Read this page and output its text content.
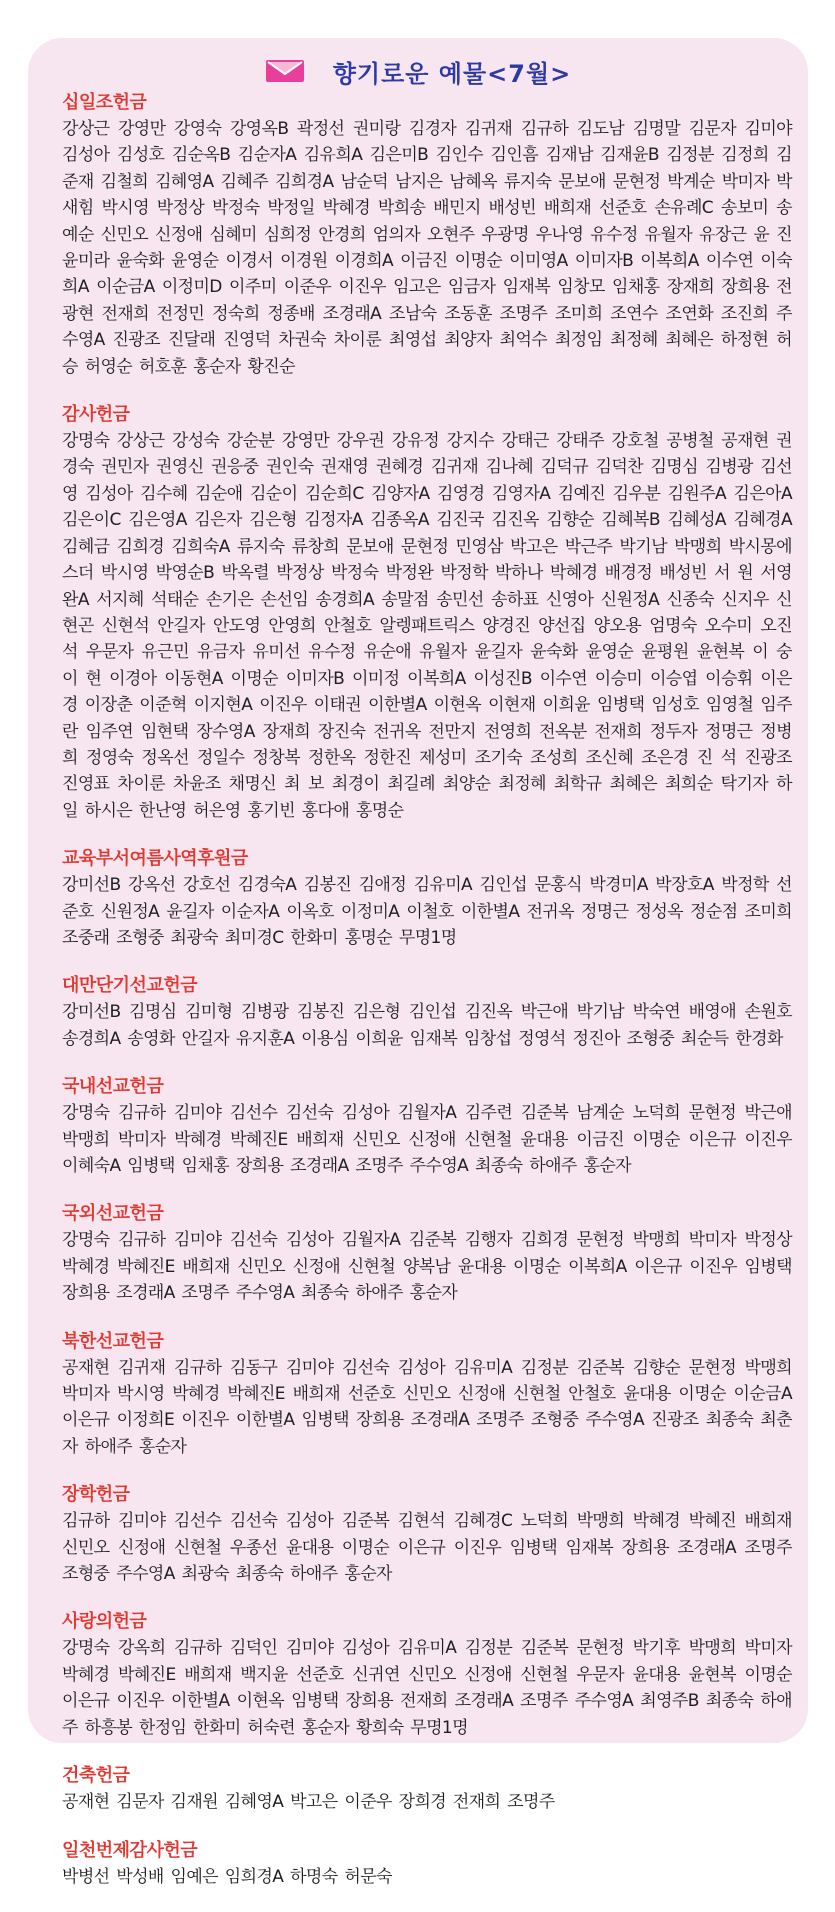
향기로운 예물<7월>
십일조헌금
강상근 강영만 강영숙 강영옥B 곽정선 권미랑 김경자 김귀재 김규하 김도남 김명말 김문자 김미야 김성아 김성호 김순옥B 김순자A 김유희A 김은미B 김인수 김인흠 김재남 김재윤B 김정분 김정희 김준재 김철희 김혜영A 김혜주 김희경A 남순덕 남지은 남혜옥 류지숙 문보애 문현정 박계순 박미자 박새힘 박시영 박정상 박정숙 박정일 박혜경 박희송 배민지 배성빈 배희재 선준호 손유례C 송보미 송예순 신민오 신정애 심혜미 심희정 안경희 엄의자 오현주 우광명 우나영 유수정 유월자 유장근 윤 진 윤미라 윤숙화 윤영순 이경서 이경원 이경희A 이금진 이명순 이미영A 이미자B 이복희A 이수연 이숙희A 이순금A 이정미D 이주미 이준우 이진우 임고은 임금자 임재복 임창모 임채홍 장재희 장희용 전광현 전재희 전정민 정숙희 정종배 조경래A 조남숙 조동훈 조명주 조미희 조연수 조연화 조진희 주수영A 진광조 진달래 진영덕 차권숙 차이룬 최영섭 최양자 최억수 최정임 최정혜 최혜은 하정현 허 승 허영순 허호훈 홍순자 황진순
감사헌금
강명숙 강상근 강성숙 강순분 강영만 강우권 강유정 강지수 강태근 강태주 강호철 공병철 공재현 권경숙 권민자 권영신 권응중 권인숙 권재영 권혜경 김귀재 김나혜 김덕규 김덕찬 김명심 김병광 김선영 김성아 김수혜 김순애 김순이 김순희C 김양자A 김영경 김영자A 김예진 김우분 김원주A 김은아A 김은이C 김은영A 김은자 김은형 김정자A 김종옥A 김진국 김진옥 김향순 김혜복B 김혜성A 김혜경A 김혜금 김희경 김희숙A 류지숙 류창희 문보애 문현정 민영삼 박고은 박근주 박기남 박맹희 박시몽에스더 박시영 박영순B 박옥렬 박정상 박정숙 박정완 박정학 박하나 박혜경 배경정 배성빈 서 원 서영완A 서지혜 석태순 손기은 손선임 송경희A 송말점 송민선 송하표 신영아 신원정A 신종숙 신지우 신현곤 신현석 안길자 안도영 안영희 안철호 알렝패트릭스 양경진 양선집 양오용 엄명숙 오수미 오진석 우문자 유근민 유금자 유미선 유수정 유순애 유월자 윤길자 윤숙화 윤영순 윤평원 윤현복 이 숭 이 현 이경아 이동현A 이명순 이미자B 이미정 이복희A 이성진B 이수연 이승미 이승엽 이승휘 이은경 이장춘 이준혁 이지현A 이진우 이태권 이한별A 이현옥 이현재 이희윤 임병택 임성호 임영철 임주란 임주연 임현택 장수영A 장재희 장진숙 전귀옥 전만지 전영희 전옥분 전재희 정두자 정명근 정병희 정영숙 정옥선 정일수 정창복 정한옥 정한진 제성미 조기숙 조성희 조신혜 조은경 진 석 진광조 진영표 차이룬 차윤조 채명신 최 보 최경이 최길례 최양순 최정혜 최학규 최혜은 최희순 탁기자 하 일 하시은 한난영 허은영 홍기빈 홍다애 홍명순
교육부서여름사역후원금
강미선B 강옥선 강호선 김경숙A 김봉진 김애정 김유미A 김인섭 문홍식 박경미A 박장호A 박정학 선준호 신원정A 윤길자 이순자A 이옥호 이정미A 이철호 이한별A 전귀옥 정명근 정성옥 정순점 조미희 조중래 조형중 최광숙 최미경C 한화미 홍명순 무명1명
대만단기선교헌금
강미선B 김명심 김미형 김병광 김봉진 김은형 김인섭 김진옥 박근애 박기남 박숙연 배영애 손원호 송경희A 송영화 안길자 유지훈A 이용심 이희윤 임재복 임창섭 정영석 정진아 조형중 최순득 한경화
국내선교헌금
강명숙 김규하 김미야 김선수 김선숙 김성아 김월자A 김주련 김준복 남계순 노덕희 문현정 박근애 박맹희 박미자 박혜경 박혜진E 배희재 신민오 신정애 신현철 윤대용 이금진 이명순 이은규 이진우 이혜숙A 임병택 임채홍 장희용 조경래A 조명주 주수영A 최종숙 하애주 홍순자
국외선교헌금
강명숙 김규하 김미야 김선숙 김성아 김월자A 김준복 김행자 김희경 문현정 박맹희 박미자 박정상 박혜경 박혜진E 배희재 신민오 신정애 신현철 양복남 윤대용 이명순 이복희A 이은규 이진우 임병택 장희용 조경래A 조명주 주수영A 최종숙 하애주 홍순자
북한선교헌금
공재현 김귀재 김규하 김동구 김미야 김선숙 김성아 김유미A 김정분 김준복 김향순 문현정 박맹희 박미자 박시영 박혜경 박혜진E 배희재 선준호 신민오 신정애 신현철 안철호 윤대용 이명순 이순금A 이은규 이정희E 이진우 이한별A 임병택 장희용 조경래A 조명주 조형중 주수영A 진광조 최종숙 최춘자 하애주 홍순자
장학헌금
김규하 김미야 김선수 김선숙 김성아 김준복 김현석 김혜경C 노덕희 박맹희 박혜경 박혜진 배희재 신민오 신정애 신현철 우종선 윤대용 이명순 이은규 이진우 임병택 임재복 장희용 조경래A 조명주 조형중 주수영A 최광숙 최종숙 하애주 홍순자
사랑의헌금
강명숙 강옥희 김규하 김덕인 김미야 김성아 김유미A 김정분 김준복 문현정 박기후 박맹희 박미자 박혜경 박혜진E 배희재 백지윤 선준호 신귀연 신민오 신정애 신현철 우문자 윤대용 윤현복 이명순 이은규 이진우 이한별A 이현옥 임병택 장희용 전재희 조경래A 조명주 주수영A 최영주B 최종숙 하애주 하흥봉 한정임 한화미 허숙련 홍순자 황희숙 무명1명
건축헌금
공재현 김문자 김재원 김혜영A 박고은 이준우 장희경 전재희 조명주
일천번제감사헌금
박병선 박성배 임예은 임희경A 하명숙 허문숙
